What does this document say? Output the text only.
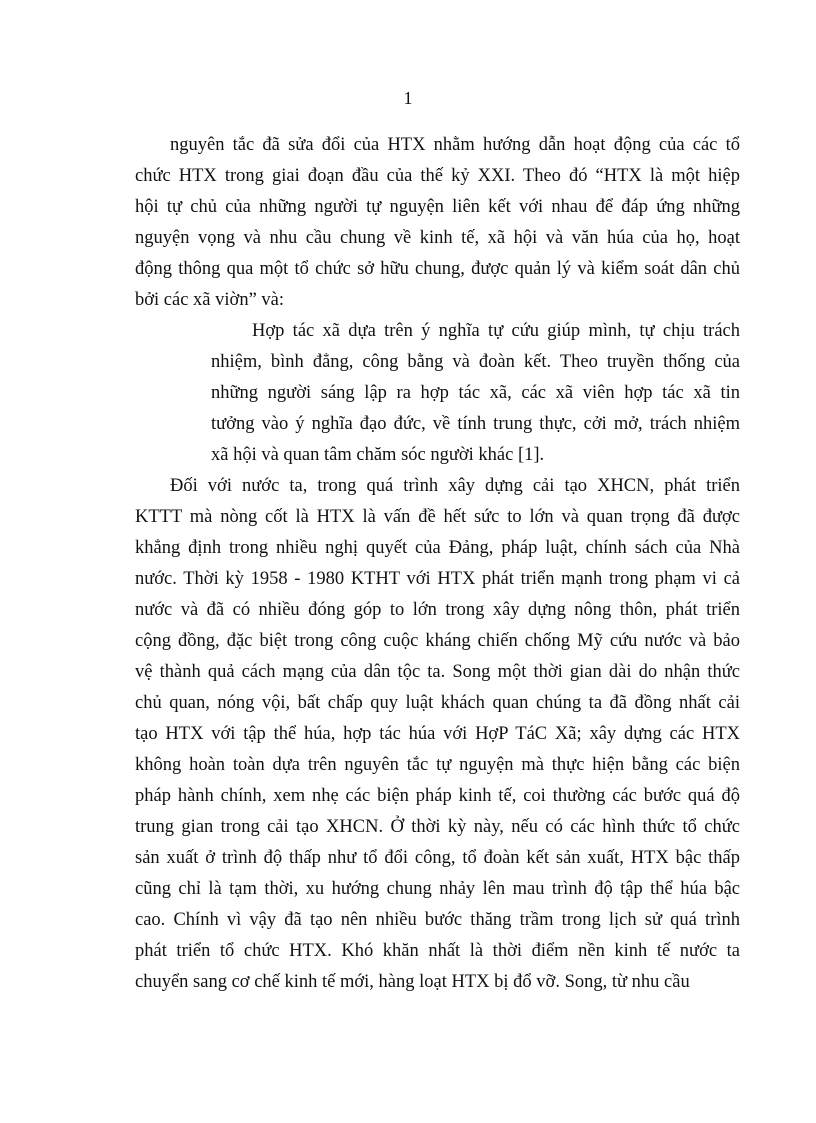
1
nguyên tắc đã sửa đổi của HTX nhằm hướng dẫn hoạt động của các tổ
chức HTX trong giai đoạn đầu của thế kỷ XXI. Theo đó “HTX là một hiệp
hội tự chủ của những người tự nguyện liên kết với nhau để đáp ứng những
nguyện vọng và nhu cầu chung về kinh tế, xã hội và văn húa của họ, hoạt
động thông qua một tổ chức sở hữu chung, được quản lý và kiểm soát dân chủ
bởi các xã viờn” và:
Hợp tác xã dựa trên ý nghĩa tự cứu giúp mình, tự chịu trách
nhiệm, bình đẳng, công bằng và đoàn kết. Theo truyền thống của
những người sáng lập ra hợp tác xã, các xã viên hợp tác xã tin
tưởng vào ý nghĩa đạo đức, về tính trung thực, cởi mở, trách nhiệm
xã hội và quan tâm chăm sóc người khác [1].
Đối với nước ta, trong quá trình xây dựng cải tạo XHCN, phát triển
KTTT mà nòng cốt là HTX là vấn đề hết sức to lớn và quan trọng đã được
khẳng định trong nhiều nghị quyết của Đảng, pháp luật, chính sách của Nhà
nước. Thời kỳ 1958 - 1980 KTHT với HTX phát triển mạnh trong phạm vi cả
nước và đã có nhiều đóng góp to lớn trong xây dựng nông thôn, phát triển
cộng đồng, đặc biệt trong công cuộc kháng chiến chống Mỹ cứu nước và bảo
vệ thành quả cách mạng của dân tộc ta. Song một thời gian dài do nhận thức
chủ quan, nóng vội, bất chấp quy luật khách quan chúng ta đã đồng nhất cải
tạo HTX với tập thể húa, hợp tác húa với HợP TáC Xã; xây dựng các HTX
không hoàn toàn dựa trên nguyên tắc tự nguyện mà thực hiện bằng các biện
pháp hành chính, xem nhẹ các biện pháp kinh tế, coi thường các bước quá độ
trung gian trong cải tạo XHCN. Ở thời kỳ này, nếu có các hình thức tổ chức
sản xuất ở trình độ thấp như tổ đổi công, tổ đoàn kết sản xuất, HTX bậc thấp
cũng chỉ là tạm thời, xu hướng chung nhảy lên mau trình độ tập thể húa bậc
cao. Chính vì vậy đã tạo nên nhiều bước thăng trầm trong lịch sử quá trình
phát triển tổ chức HTX. Khó khăn nhất là thời điểm nền kinh tế nước ta
chuyển sang cơ chế kinh tế mới, hàng loạt HTX bị đổ vỡ. Song, từ nhu cầu
